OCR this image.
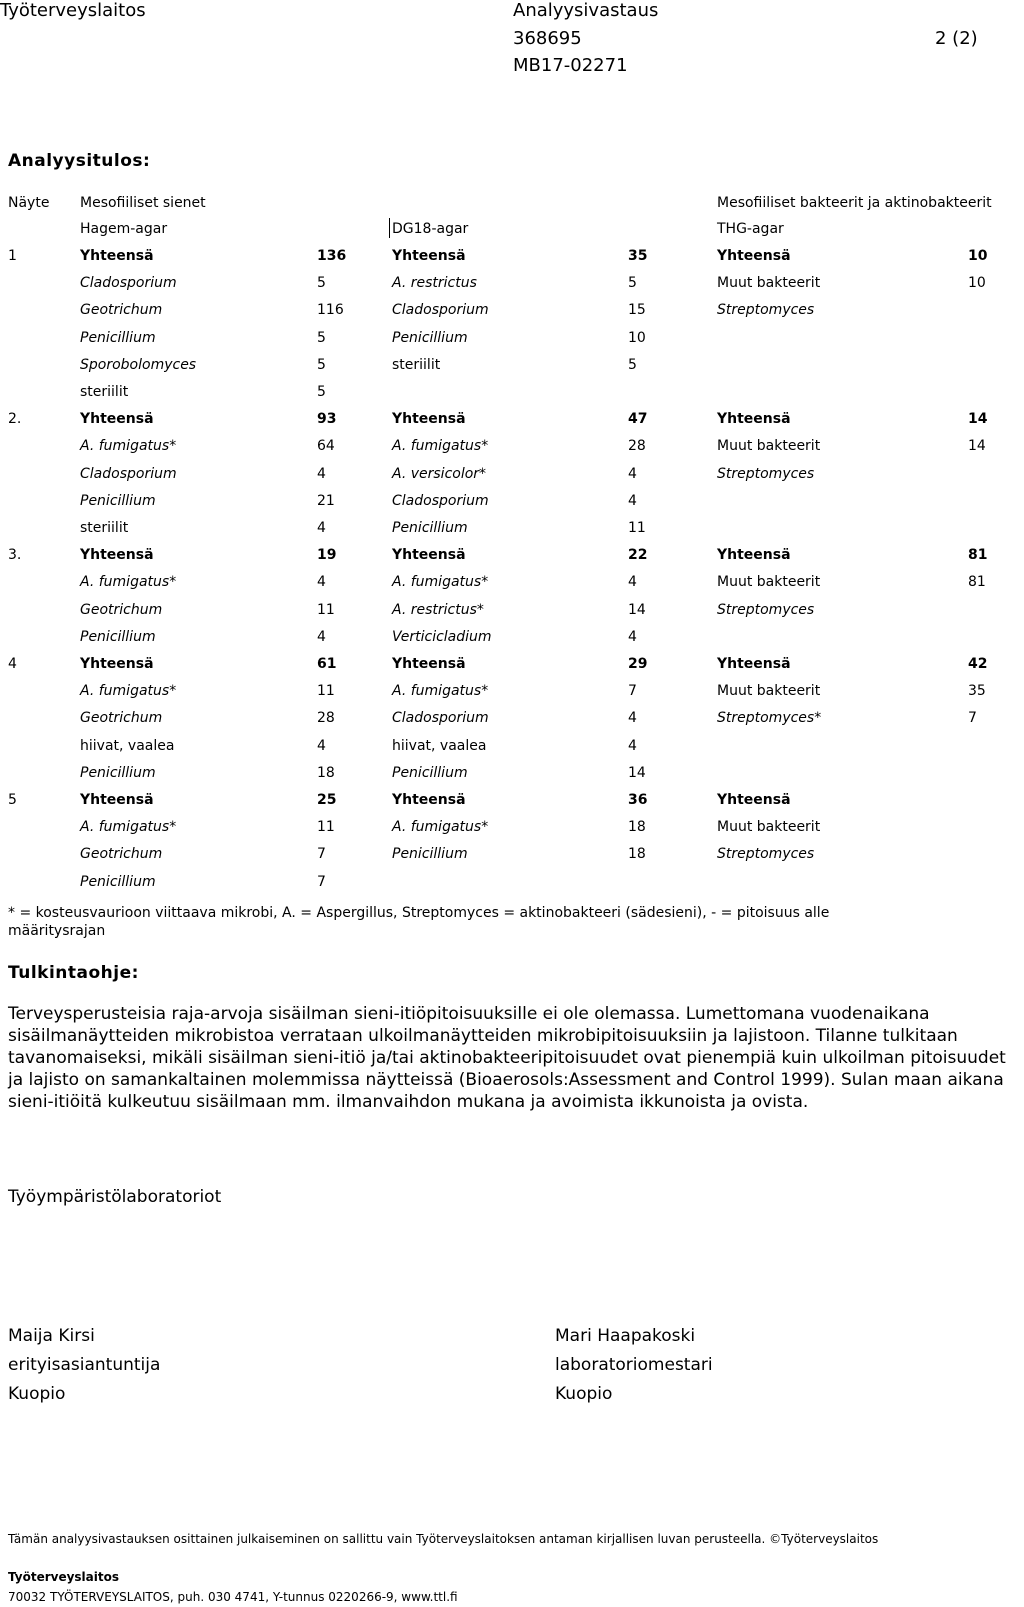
Työterveyslaitos	Analyysivastaus
368695	2 (2)
MB17-02271
Analyysitulos:
Näyte Mesofiiliset sienet	Mesofiiliset bakteerit ja aktinobakteerit
Hagem-agar	DG18-agar	THG-agar
1	Yhteensä	136	Yhteensä	35	Yhteensä	10
Cladosporium	5	A. restrictus	5	Muut bakteerit	10
Geotrichum	116	Cladosporium	15	Streptomyces
Penicillium	5	Penicillium	10
Sporobolomyces	5	steriilit	5
steriilit	5
2.	Yhteensä	93	Yhteensä	47	Yhteensä	14
A. fumigatus*	64	A. fumigatus*	28	Muut bakteerit	14
Cladosporium	4	A. versicolor*	4	Streptomyces
Penicillium	21	Cladosporium	4
steriilit	4	Penicillium	11
3.	Yhteensä	19	Yhteensä	22	Yhteensä	81
A. fumigatus*	4	A. fumigatus*	4	Muut bakteerit	81
Geotrichum	11	A. restrictus*	14	Streptomyces
Penicillium	4	Verticicladium	4
4	Yhteensä	61	Yhteensä	29	Yhteensä	42
A. fumigatus*	11	A. fumigatus*	7	Muut bakteerit	35
Geotrichum	28	Cladosporium	4	Streptomyces*	7
hiivat, vaalea	4	hiivat, vaalea	4
Penicillium	18	Penicillium	14
5	Yhteensä	25	Yhteensä	36	Yhteensä
A. fumigatus*	11	A. fumigatus*	18	Muut bakteerit
Geotrichum	7	Penicillium	18	Streptomyces
Penicillium	7
* = kosteusvaurioon viittaava mikrobi, A. = Aspergillus, Streptomyces = aktinobakteeri (sädesieni), - = pitoisuus alle määritysrajan
Tulkintaohje:
Terveysperusteisia raja-arvoja sisäilman sieni-itiöpitoisuuksille ei ole olemassa. Lumettomana vuodenaikana sisäilmanäytteiden mikrobistoa verrataan ulkoilmanäytteiden mikrobipitoisuuksiin ja lajistoon. Tilanne tulkitaan tavanomaiseksi, mikäli sisäilman sieni-itiö ja/tai aktinobakteeripitoisuudet ovat pienempiä kuin ulkoilman pitoisuudet ja lajisto on samankaltainen molemmissa näytteissä (Bioaerosols:Assessment and Control 1999). Sulan maan aikana sieni-itiöitä kulkeutuu sisäilmaan mm. ilmanvaihdon mukana ja avoimista ikkunoista ja ovista.
Työympäristölaboratoriot
Maija Kirsi
erityisasiantuntija
Kuopio
Mari Haapakoski
laboratoriomestari
Kuopio
Tämän analyysivastauksen osittainen julkaiseminen on sallittu vain Työterveyslaitoksen antaman kirjallisen luvan perusteella. ©Työterveyslaitos
Työterveyslaitos
70032 TYÖTERVEYSLAITOS, puh. 030 4741, Y-tunnus 0220266-9, www.ttl.fi
